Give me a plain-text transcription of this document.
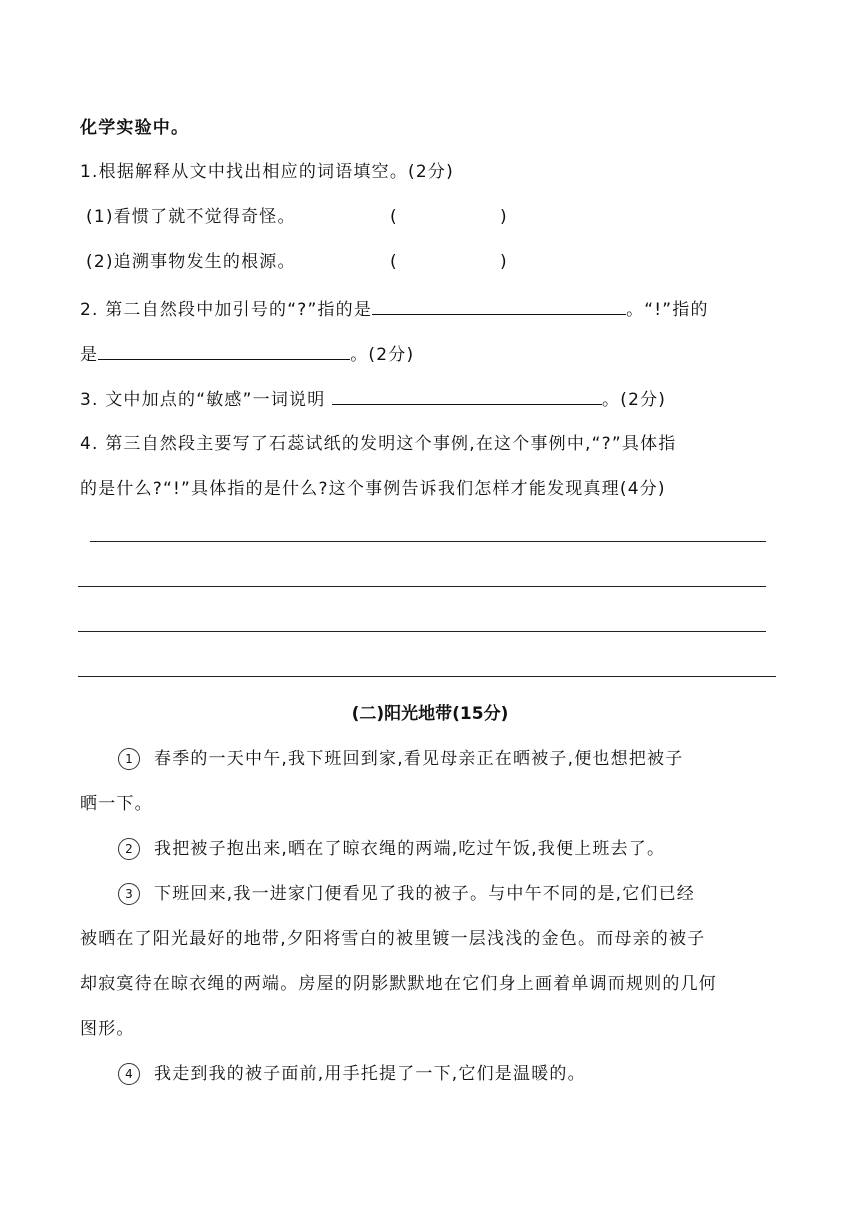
化学实验中。
1.根据解释从文中找出相应的词语填空。(2分)
(1)看惯了就不觉得奇怪。	(	)
(2)追溯事物发生的根源。	(	)
2. 第二自然段中加引号的“?”指的是	。“!”指的
是	。(2分)
3. 文中加点的“敏感”一词说明	。(2分)
4. 第三自然段主要写了石蕊试纸的发明这个事例,在这个事例中,“?”具体指
的是什么?“!”具体指的是什么?这个事例告诉我们怎样才能发现真理(4分)
(二)阳光地带(15分)
1 春季的一天中午,我下班回到家,看见母亲正在晒被子,便也想把被子
晒一下。
2 我把被子抱出来,晒在了晾衣绳的两端,吃过午饭,我便上班去了。
3 下班回来,我一进家门便看见了我的被子。与中午不同的是,它们已经
被晒在了阳光最好的地带,夕阳将雪白的被里镀一层浅浅的金色。而母亲的被子
却寂寞待在晾衣绳的两端。房屋的阴影默默地在它们身上画着单调而规则的几何
图形。
4 我走到我的被子面前,用手托提了一下,它们是温暖的。
